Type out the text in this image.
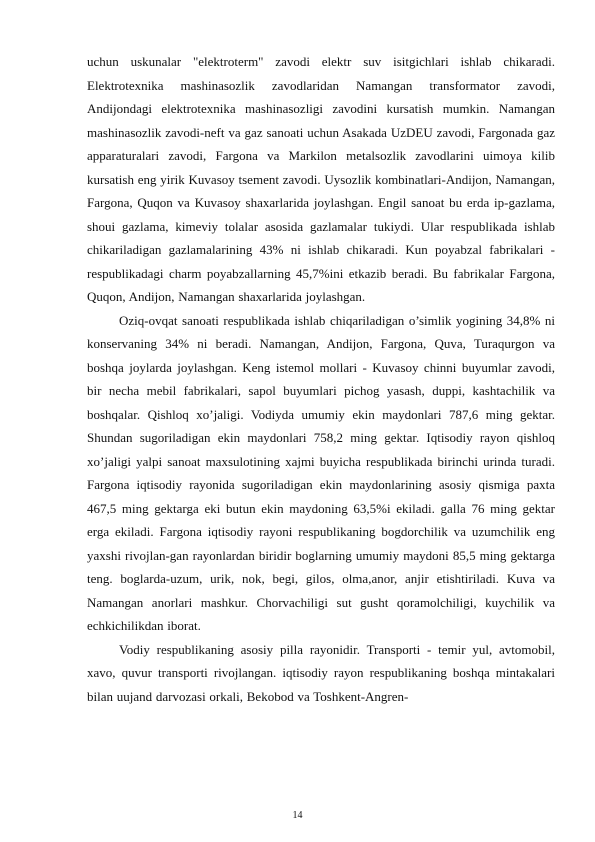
uchun uskunalar "elektroterm" zavodi elektr suv isitgichlari ishlab chikaradi. Elektrotexnika mashinasozlik zavodlaridan Namangan transformator zavodi, Andijondagi elektrotexnika mashinasozligi zavodini kursatish mumkin. Namangan mashinasozlik zavodi-neft va gaz sanoati uchun Asakada UzDEU zavodi, Fargonada gaz apparaturalari zavodi, Fargona va Markilon metalsozlik zavodlarini uimoya kilib kursatish eng yirik Kuvasoy tsement zavodi. Uysozlik kombinatlari-Andijon, Namangan, Fargona, Quqon va Kuvasoy shaxarlarida joylashgan. Engil sanoat bu erda ip-gazlama, shoui gazlama, kimeviy tolalar asosida gazlamalar tukiydi. Ular respublikada ishlab chikariladigan gazlamalarining 43% ni ishlab chikaradi. Kun poyabzal fabrikalari - respublikadagi charm poyabzallarning 45,7%ini etkazib beradi. Bu fabrikalar Fargona, Quqon, Andijon, Namangan shaxarlarida joylashgan.

Oziq-ovqat sanoati respublikada ishlab chiqariladigan o’simlik yogining 34,8% ni konservaning 34% ni beradi. Namangan, Andijon, Fargona, Quva, Turaqurgon va boshqa joylarda joylashgan. Keng istemol mollari - Kuvasoy chinni buyumlar zavodi, bir necha mebil fabrikalari, sapol buyumlari pichog yasash, duppi, kashtachilik va boshqalar. Qishloq xo’jaligi. Vodiyda umumiy ekin maydonlari 787,6 ming gektar. Shundan sugoriladigan ekin maydonlari 758,2 ming gektar. Iqtisodiy rayon qishloq xo’jaligi yalpi sanoat maxsulotining xajmi buyicha respublikada birinchi urinda turadi. Fargona iqtisodiy rayonida sugoriladigan ekin maydonlarining asosiy qismiga paxta 467,5 ming gektarga eki butun ekin maydoning 63,5%i ekiladi. galla 76 ming gektar erga ekiladi. Fargona iqtisodiy rayoni respublikaning bogdorchilik va uzumchilik eng yaxshi rivojlan-gan rayonlardan biridir boglarning umumiy maydoni 85,5 ming gektarga teng. boglarda-uzum, urik, nok, begi, gilos, olma,anor, anjir etishtiriladi. Kuva va Namangan anorlari mashkur. Chorvachiligi sut gusht qoramolchiligi, kuychilik va echkichilikdan iborat.

Vodiy respublikaning asosiy pilla rayonidir. Transporti - temir yul, avtomobil, xavo, quvur transporti rivojlangan. iqtisodiy rayon respublikaning boshqa mintakalari bilan uujand darvozasi orkali, Bekobod va Toshkent-Angren-

14
